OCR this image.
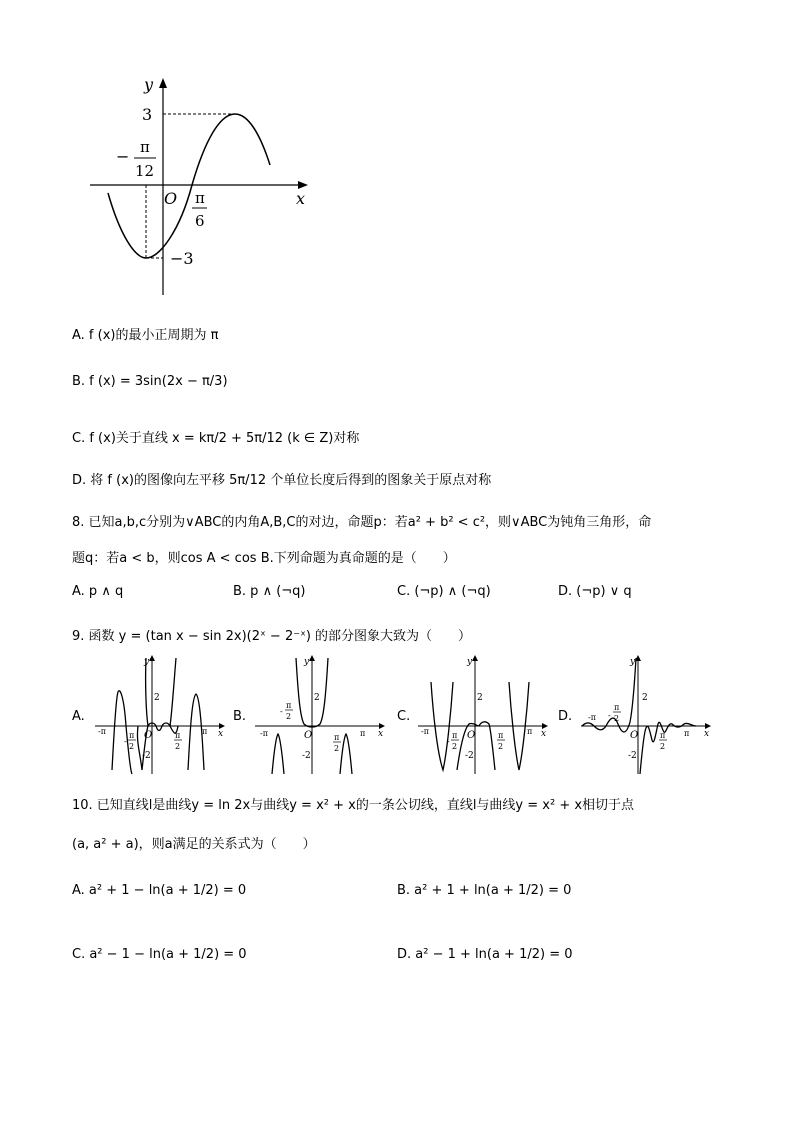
y
x
O
3
−3
− π
12
π
6
A. f (x)的最小正周期为 π
B. f (x) = 3sin(2x − π/3)
C. f (x)关于直线 x = kπ/2 + 5π/12 (k ∈ Z)对称
D. 将 f (x)的图像向左平移 5π/12 个单位长度后得到的图象关于原点对称
8. 已知a,b,c分别为∨ABC的内角A,B,C的对边，命题p：若a² + b² < c²，则∨ABC为钝角三角形，命
题q：若a < b，则cos A < cos B.下列命题为真命题的是（　　）
A. p ∧ q	B. p ∧ (¬q)	C. (¬p) ∧ (¬q)	D. (¬p) ∨ q
9. 函数 y = (tan x − sin 2x)(2ˣ − 2⁻ˣ) 的部分图象大致为（　　）
A.	B.	C.	D.
y
x
O
2
-2
-π	π
-
π
2
π
2
y
x
O
2
-2
-π	π
-
π
2
π
2
y
x
O
2
-2
-π	π
-
π
2
π
2
y
x
O
2
-2
-π
π
-
π
2
π
2
10. 已知直线l是曲线y = ln 2x与曲线y = x² + x的一条公切线，直线l与曲线y = x² + x相切于点
(a, a² + a)，则a满足的关系式为（　　）
A. a² + 1 − ln(a + 1/2) = 0	B. a² + 1 + ln(a + 1/2) = 0
C. a² − 1 − ln(a + 1/2) = 0	D. a² − 1 + ln(a + 1/2) = 0
